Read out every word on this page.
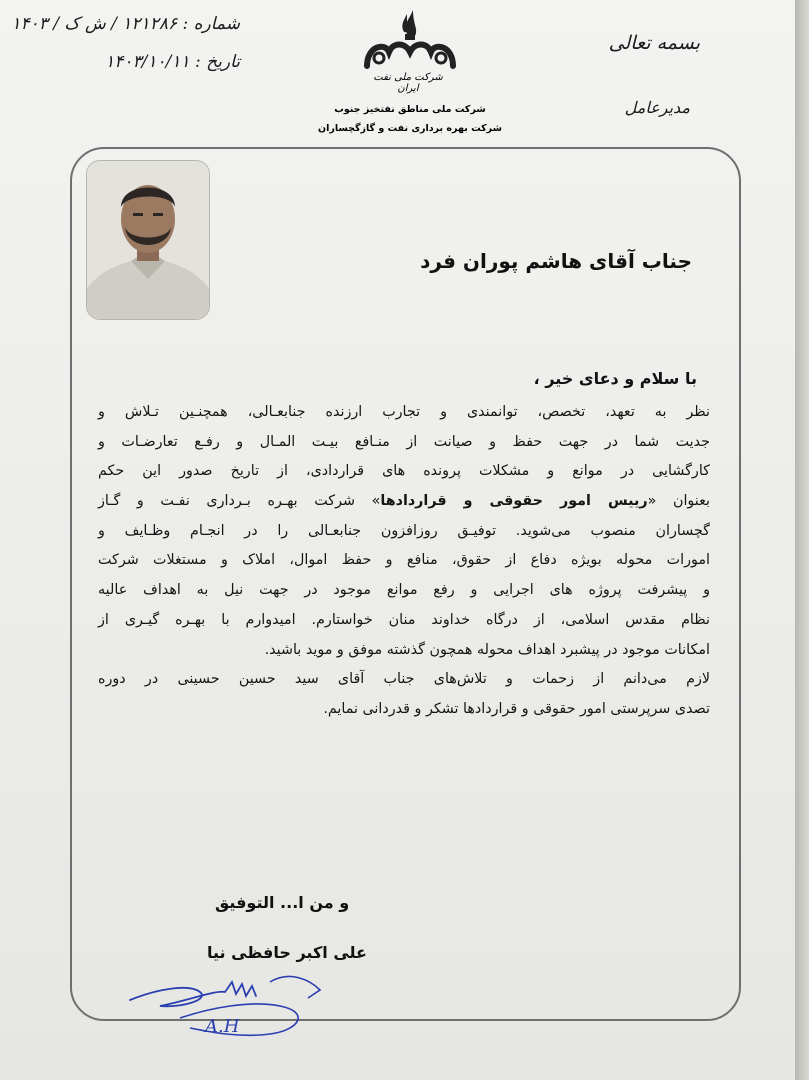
شماره : ۱۲۱۲۸۶ / ش ک / ۱۴۰۳
تاریخ : ۱۴۰۳/۱۰/۱۱
شرکت ملی نفت ایران
شرکت ملی مناطق نفتخیز جنوب
شرکت بهره برداری نفت و گازگچساران
بسمه تعالی
مدیرعامل
جناب آقای هاشم پوران فرد
با سلام و دعای خیر ،
نظر به تعهد، تخصص، توانمندی و تجارب ارزنده جنابعـالی، همچنـین تـلاش و
جدیت شما در جهت حفظ و صیانت از منـافع بیـت المـال و رفـع تعارضـات و
کارگشایی در موانع و مشکلات پرونده های قراردادی، از تاریخ صدور این حکم
بعنوان «رییس امور حقوقی و قراردادها» شرکت بهـره بـرداری نفـت و گـاز
گچساران منصوب می‌شوید. توفیـق روزافزون جنابعـالی را در انجـام وظـایف و
امورات محوله بویژه دفاع از حقوق، منافع و حفظ اموال، املاک و مستغلات شرکت
و پیشرفت پروژه های اجرایی و رفع موانع موجود در جهت نیل به اهداف عالیه
نظام مقدس اسلامی، از درگاه خداوند منان خواستارم. امیدوارم با بهـره گیـری از
امکانات موجود در پیشبرد اهداف محوله همچون گذشته موفق و موید باشید.
لازم می‌دانم از زحمات و تلاش‌های جناب آقای سید حسین حسینی در دوره
تصدی سرپرستی امور حقوقی و قراردادها تشکر و قدردانی نمایم.
و من ا... التوفیق
علی اکبر حافظی نیا
A.H
